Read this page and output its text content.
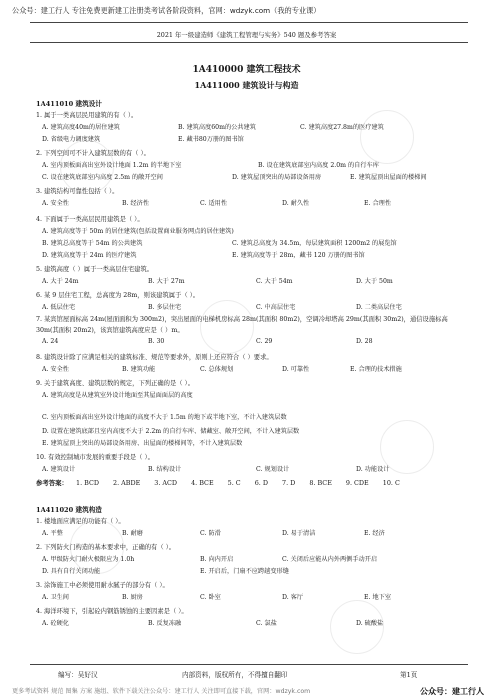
公众号：建工行人 专注免费更新建工注册类考试各阶段资料，官网：wdzyk.com（我的专业课）
2021 年一级建造师《建筑工程管理与实务》540 题及参考答案
1A410000 建筑工程技术
1A411000 建筑设计与构造
1A411010 建筑设计
1. 属于一类高层民用建筑的有（ ）。
A. 建筑高度40m的居住建筑	B. 建筑高度60m的公共建筑	C. 建筑高度27.8m的医疗建筑
D. 省级电力调度建筑	E. 藏书80万册的图书馆
2. 下列空间可不计入建筑层数的有（ ）。
A. 室内顶板面高出室外设计地面 1.2m 的半地下室	B. 设在建筑底部室内高度 2.0m 的自行车库
C. 设在建筑底部室内高度 2.5m 的敞开空间	D. 建筑屋顶突出的局部设备用房	E. 建筑屋顶出屋面的楼梯间
3. 建筑结构可靠性包括（ ）。
A. 安全性	B. 经济性	C. 适用性	D. 耐久性	E. 合理性
4. 下面属于一类高层民用建筑是（ ）。
A. 建筑高度等于 50m 的居住建筑(包括设置商业服务网点的居住建筑)
B. 建筑总高度等于 54m 的公共建筑	C. 建筑总高度为 34.5m，每层建筑面积 1200m2 的展览馆
D. 建筑高度等于 24m 的医疗建筑	E. 建筑高度等于 28m，藏书 120 万册的图书馆
5. 建筑高度（ ）属于一类高层住宅建筑。
A. 大于 24m	B. 大于 27m	C. 大于 54m	D. 大于 50m
6. 某 9 层住宅工程，总高度为 28m，则该建筑属于（ ）。
A. 低层住宅	B. 多层住宅	C. 中高层住宅	D. 二类高层住宅
7. 某宾馆屋面标高 24m(屋面面积为 300m2)，突出屋面的电梯机房标高 28m(其面积 80m2)，空调冷却塔高 29m(其面积 30m2)，通信设施标高 30m(其面积 20m2)，该宾馆建筑高度应是（ ）m。
A. 24	B. 30	C. 29	D. 28
8. 建筑设计除了应满足相关的建筑标准、规范等要求外，原则上还应符合（ ）要求。
A. 安全性	B. 建筑功能	C. 总体规划	D. 可靠性	E. 合理的技术措施
9. 关于建筑高度、建筑层数的规定，下列正确的是（ ）。
A. 建筑高度是从建筑室外设计地面至其屋面面层的高度
C. 室内顶板面高出室外设计地面的高度不大于 1.5m 的地下或半地下室，不计入建筑层数
D. 设置在建筑底部且室内高度不大于 2.2m 的自行车库、储藏室、敞开空间，不计入建筑层数
E. 建筑屋顶上突出的局部设备用房、出屋面的楼梯间等，不计入建筑层数
10. 有效控制城市发展的重要手段是（ ）。
A. 建筑设计	B. 结构设计	C. 规划设计	D. 功能设计
参考答案： 1. BCD 2. ABDE 3. ACD 4. BCE 5. C 6. D 7. D 8. BCE 9. CDE 10. C
1A411020 建筑构造
1. 楼地面应满足的功能有（ ）。
A. 平整	B. 耐磨	C. 防滑	D. 易于清洁	E. 经济
2. 下列防火门构造的基本要求中，正确的有（ ）。
A. 甲级防火门耐火极限应为 1.0h	B. 向内开启	C. 关闭后应能从内外两侧手动开启
D. 具有自行关闭功能	E. 开启后，门扇不应跨越变形缝
3. 涂饰施工中必须使用耐水腻子的部分有（ ）。
A. 卫生间	B. 厨房	C. 卧室	D. 客厅	E. 地下室
4. 海洋环境下，引起砼内钢筋锈蚀的主要因素是（ ）。
A. 砼硬化	B. 反复冻融	C. 氯盐	D. 硫酸盐
编写：吴好汉	内部资料，版权所有，不得擅自翻印	第1页
更多考试资料 规范 图集 方案 施组、软件下载关注公众号：建工行人 关注即可直接下载，官网：wdzyk.com	公众号：建工行人
